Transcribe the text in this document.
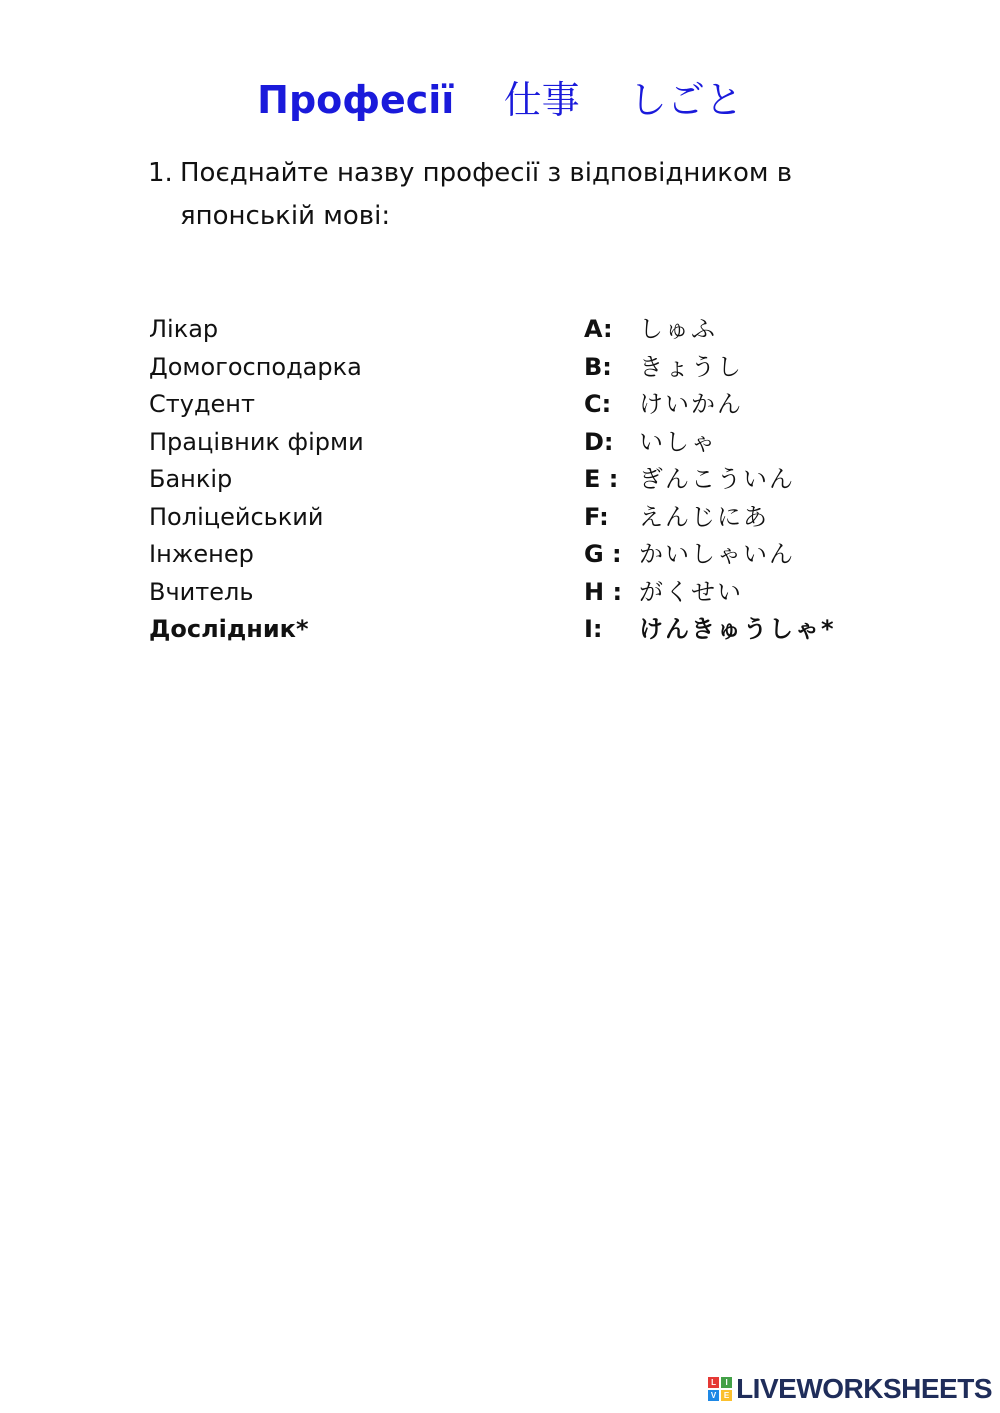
Професії 仕事 しごと
1. Поєднайте назву професії з відповідником в японській мові:
Лікар	A: しゅふ
Домогосподарка	B: きょうし
Студент	C: けいかん
Працівник фірми	D: いしゃ
Банкір	E : ぎんこういん
Поліцейський	F: えんじにあ
Інженер	G : かいしゃいん
Вчитель	H : がくせい
Дослідник*	I: けんきゅうしゃ*
L	I
V E LIVEWORKSHEETS
